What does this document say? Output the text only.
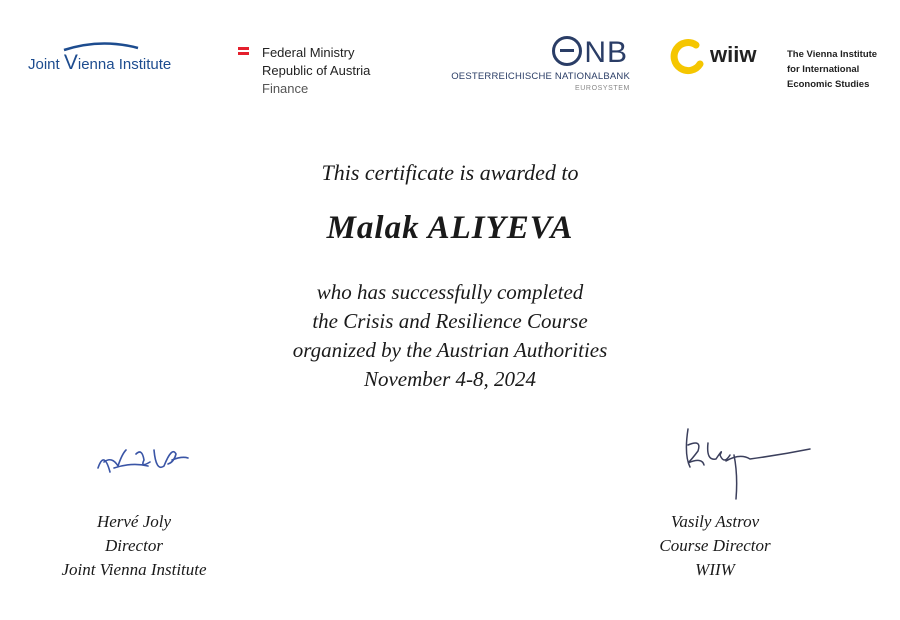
Joint Vienna Institute
Federal Ministry
Republic of Austria
Finance
NB
OESTERREICHISCHE NATIONALBANK
EUROSYSTEM
wiiw	The Vienna Institute
for International
Economic Studies
This certificate is awarded to
Malak ALIYEVA
who has successfully completed
the Crisis and Resilience Course
organized by the Austrian Authorities
November 4-8, 2024
Hervé Joly
Director
Joint Vienna Institute
Vasily Astrov
Course Director
WIIW
